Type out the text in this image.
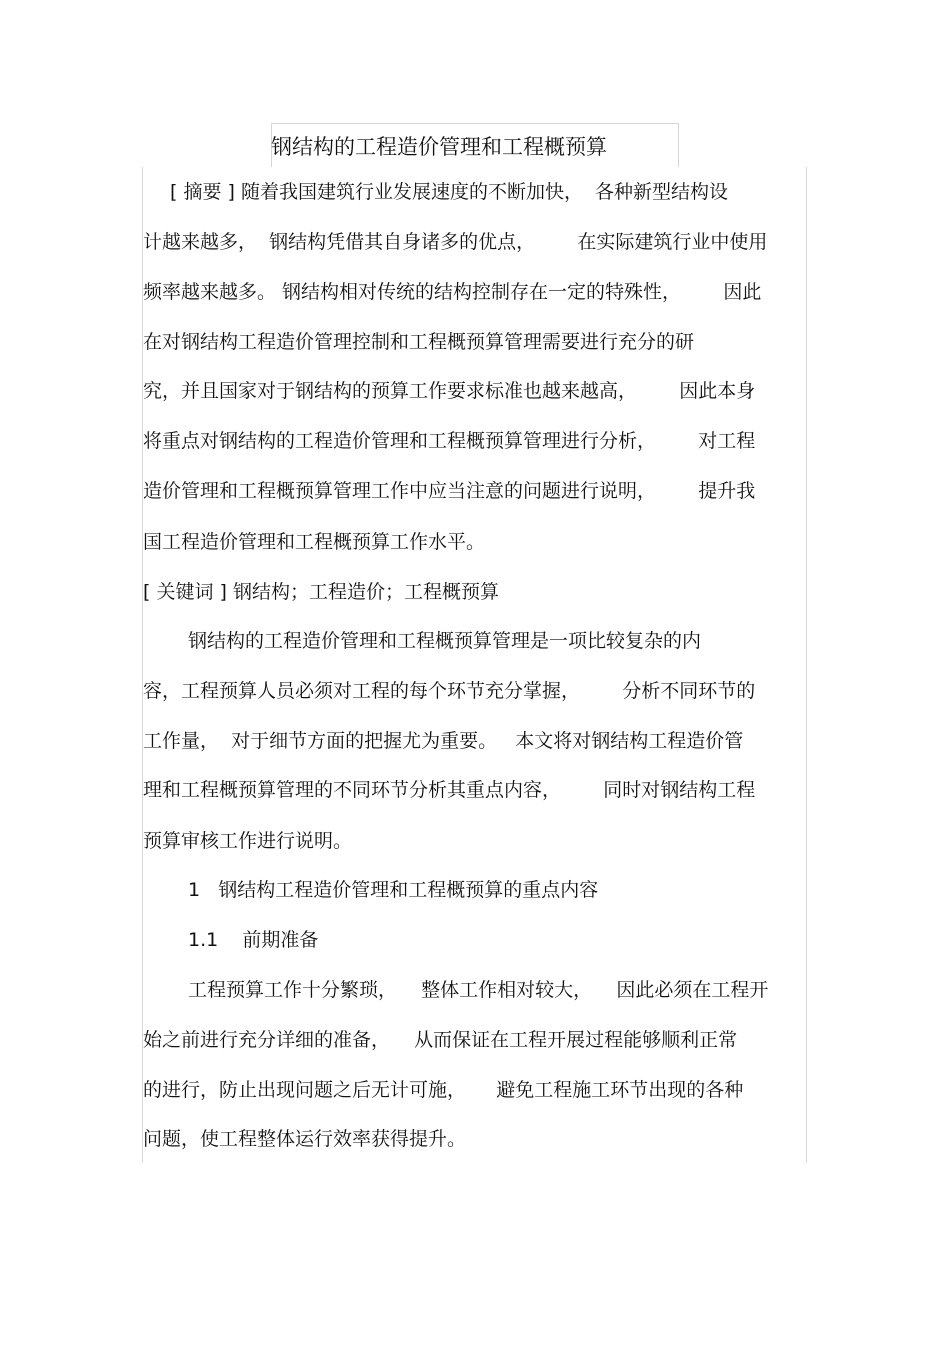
钢结构的工程造价管理和工程概预算
[ 摘要 ] 随着我国建筑行业发展速度的不断加快，  各种新型结构设
计越来越多，  钢结构凭借其自身诸多的优点，       在实际建筑行业中使用
频率越来越多。 钢结构相对传统的结构控制存在一定的特殊性，       因此
在对钢结构工程造价管理控制和工程概预算管理需要进行充分的研
究，并且国家对于钢结构的预算工作要求标准也越来越高，       因此本身
将重点对钢结构的工程造价管理和工程概预算管理进行分析，       对工程
造价管理和工程概预算管理工作中应当注意的问题进行说明，       提升我
国工程造价管理和工程概预算工作水平。
[ 关键词 ] 钢结构；工程造价；工程概预算
钢结构的工程造价管理和工程概预算管理是一项比较复杂的内
容，工程预算人员必须对工程的每个环节充分掌握，       分析不同环节的
工作量，  对于细节方面的把握尤为重要。   本文将对钢结构工程造价管
理和工程概预算管理的不同环节分析其重点内容，       同时对钢结构工程
预算审核工作进行说明。
1   钢结构工程造价管理和工程概预算的重点内容
1.1    前期准备
工程预算工作十分繁琐，    整体工作相对较大，    因此必须在工程开
始之前进行充分详细的准备，    从而保证在工程开展过程能够顺利正常
的进行，防止出现问题之后无计可施，     避免工程施工环节出现的各种
问题，使工程整体运行效率获得提升。
